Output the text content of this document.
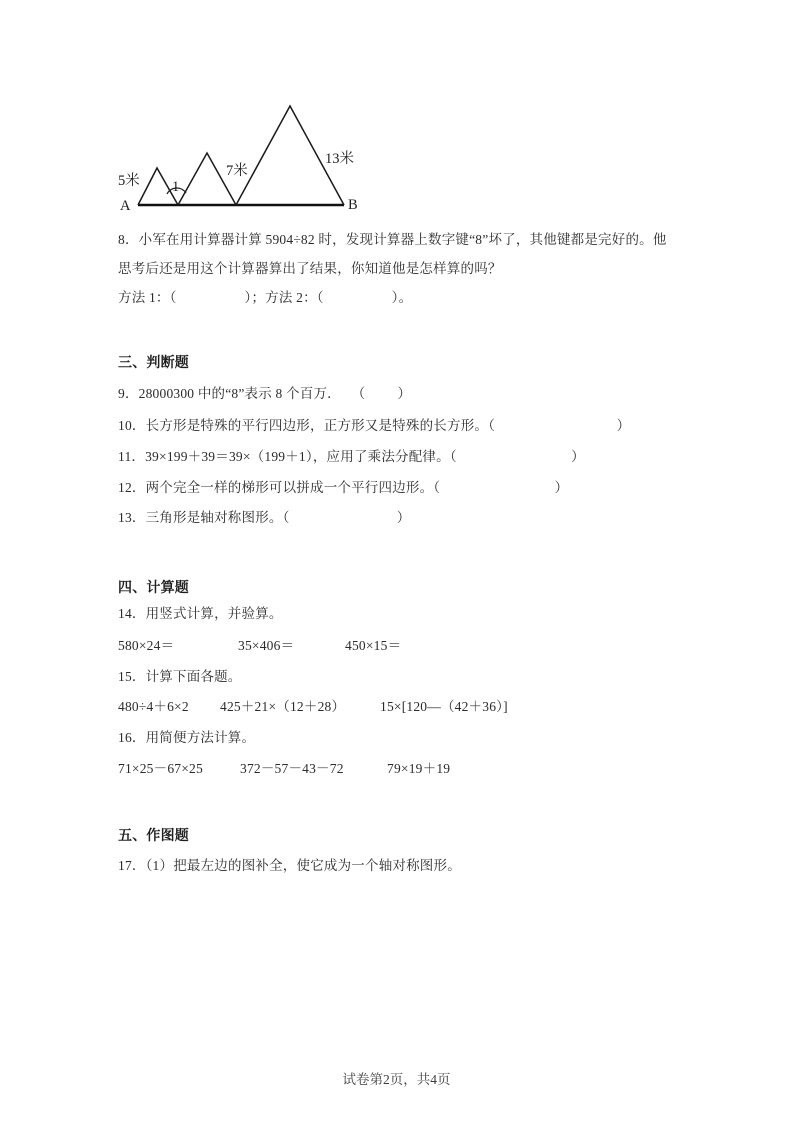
5米 1
7米
13米
A	B
8．小军在用计算器计算 5904÷82 时，发现计算器上数字键“8”坏了，其他键都是完好的。他
思考后还是用这个计算器算出了结果，你知道他是怎样算的吗？
方法 1：（                   ）；方法 2：（                   ）。
三、判断题
9．28000300 中的“8”表示 8 个百万．   （         ）
10．长方形是特殊的平行四边形，正方形又是特殊的长方形。（                                  ）
11．39×199＋39＝39×（199＋1），应用了乘法分配律。（                                ）
12．两个完全一样的梯形可以拼成一个平行四边形。（                                ）
13．三角形是轴对称图形。（                              ）
四、计算题
14．用竖式计算，并验算。
580×24＝	35×406＝	450×15＝
15．计算下面各题。
480÷4＋6×2 425＋21×（12＋28）	15×[120—（42＋36）]
16．用简便方法计算。
71×25－67×25	372－57－43－72	79×19＋19
五、作图题
17．（1）把最左边的图补全，使它成为一个轴对称图形。
试卷第2页，共4页
